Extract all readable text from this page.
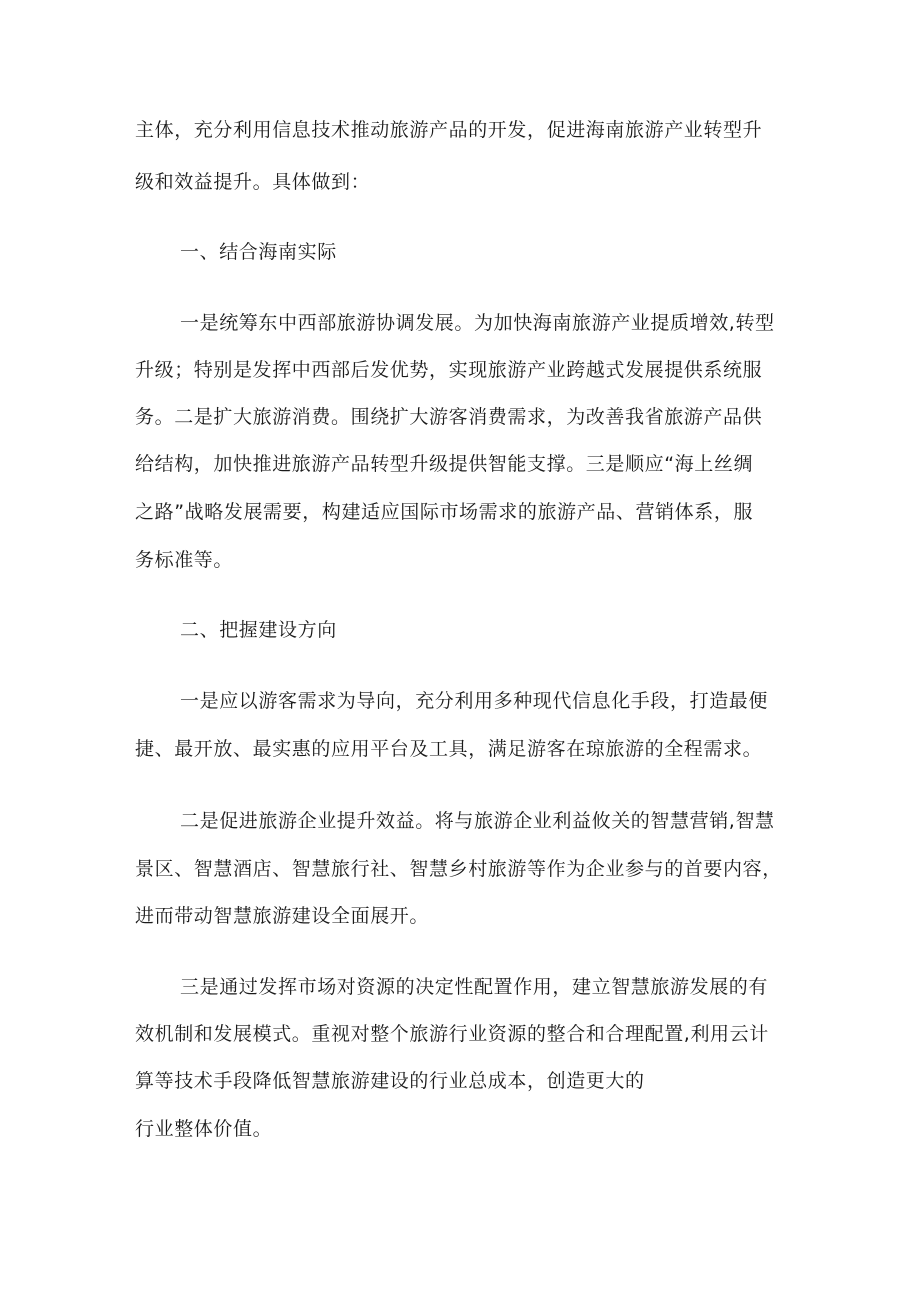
主体，充分利用信息技术推动旅游产品的开发，促进海南旅游产业转型升

级和效益提升。具体做到：

一、结合海南实际

一是统筹东中西部旅游协调发展。为加快海南旅游产业提质增效,转型

升级；特别是发挥中西部后发优势，实现旅游产业跨越式发展提供系统服

务。二是扩大旅游消费。围绕扩大游客消费需求，为改善我省旅游产品供

给结构，加快推进旅游产品转型升级提供智能支撑。三是顺应“海上丝绸

之路”战略发展需要，构建适应国际市场需求的旅游产品、营销体系，服

务标准等。

二、把握建设方向

一是应以游客需求为导向，充分利用多种现代信息化手段，打造最便

捷、最开放、最实惠的应用平台及工具，满足游客在琼旅游的全程需求。

二是促进旅游企业提升效益。将与旅游企业利益攸关的智慧营销,智慧

景区、智慧酒店、智慧旅行社、智慧乡村旅游等作为企业参与的首要内容，

进而带动智慧旅游建设全面展开。

三是通过发挥市场对资源的决定性配置作用，建立智慧旅游发展的有

效机制和发展模式。重视对整个旅游行业资源的整合和合理配置,利用云计

算等技术手段降低智慧旅游建设的行业总成本，创造更大的

行业整体价值。
